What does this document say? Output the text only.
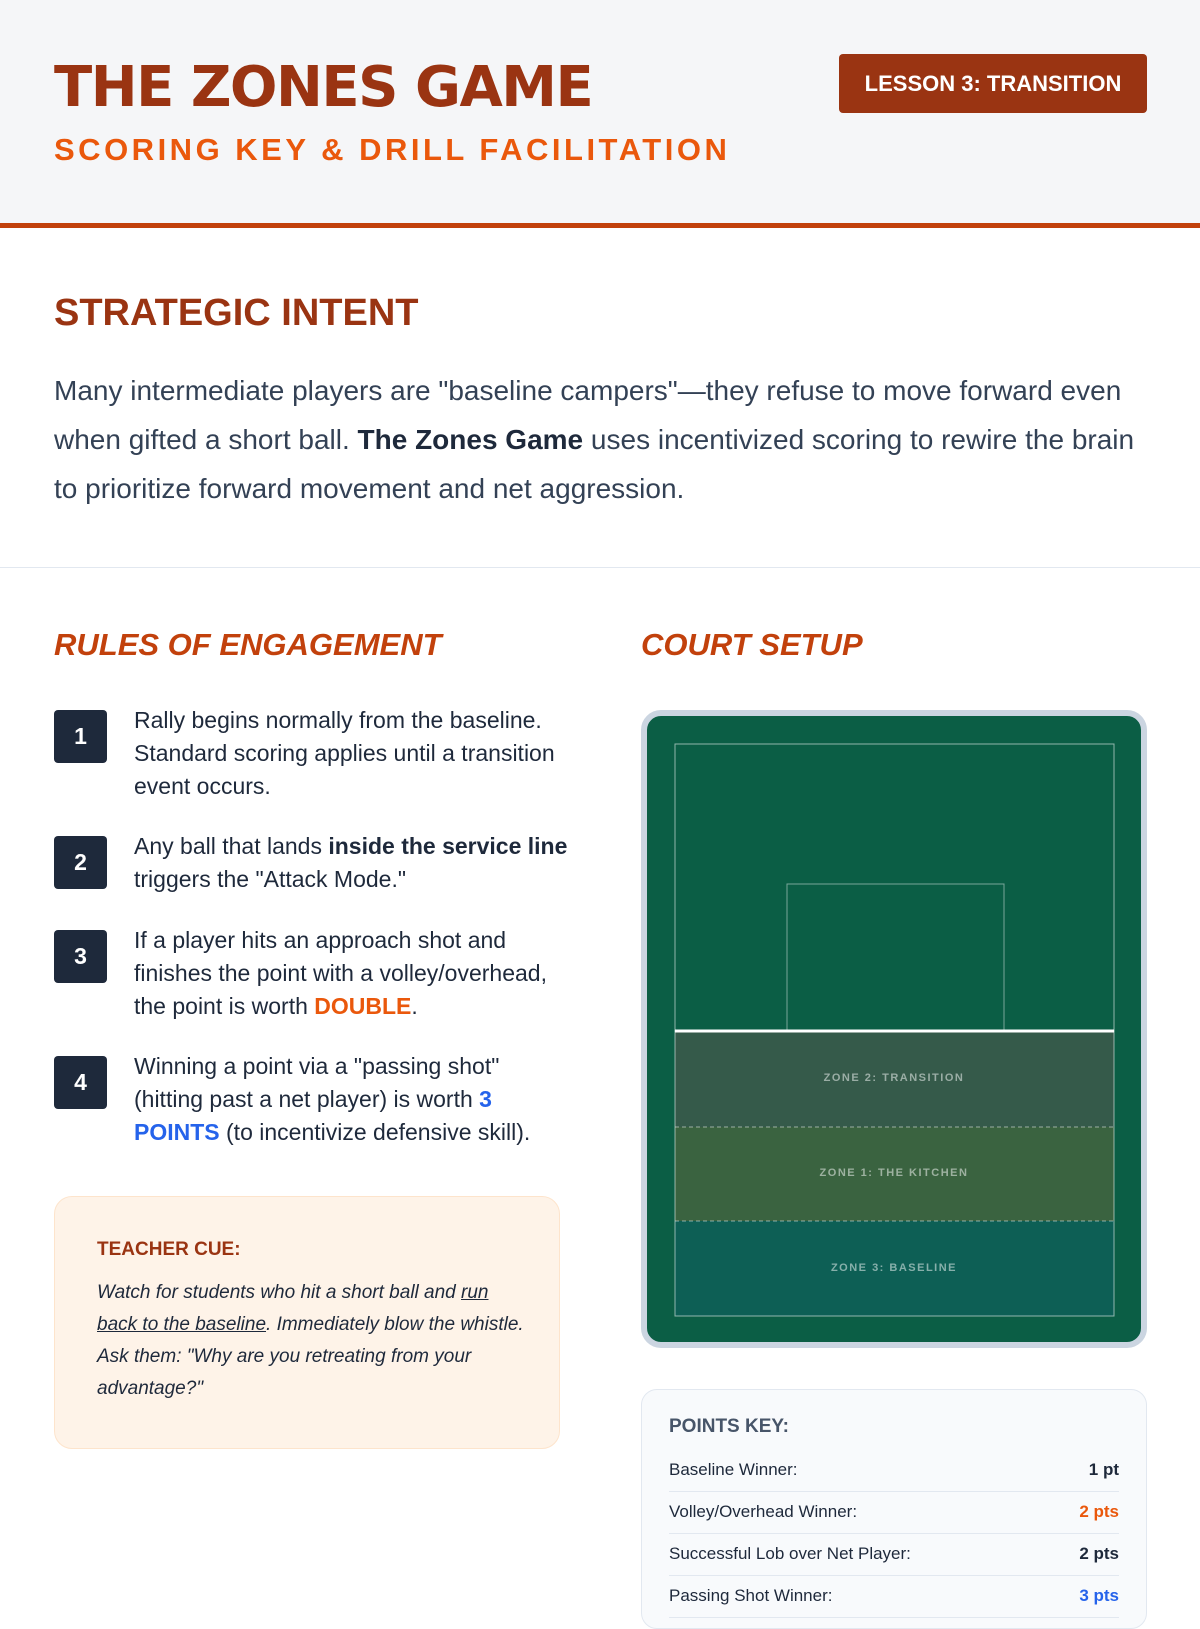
THE ZONES GAME
SCORING KEY & DRILL FACILITATION
LESSON 3: TRANSITION
STRATEGIC INTENT

Many intermediate players are "baseline campers"—they refuse to move forward even when gifted a short ball. The Zones Game uses incentivized scoring to rewire the brain to prioritize forward movement and net aggression.

RULES OF ENGAGEMENT
1
Rally begins normally from the baseline. Standard scoring applies until a transition event occurs.
2
Any ball that lands inside the service line triggers the "Attack Mode."
3
If a player hits an approach shot and finishes the point with a volley/overhead, the point is worth DOUBLE.
4
Winning a point via a "passing shot" (hitting past a net player) is worth 3 POINTS (to incentivize defensive skill).
TEACHER CUE:
Watch for students who hit a short ball and run back to the baseline. Immediately blow the whistle. Ask them: "Why are you retreating from your advantage?"
COURT SETUP
ZONE 2: TRANSITION
ZONE 1: THE KITCHEN
ZONE 3: BASELINE
POINTS KEY:
Baseline Winner:	1 pt
Volley/Overhead Winner:	2 pts
Successful Lob over Net Player:	2 pts
Passing Shot Winner:	3 pts
